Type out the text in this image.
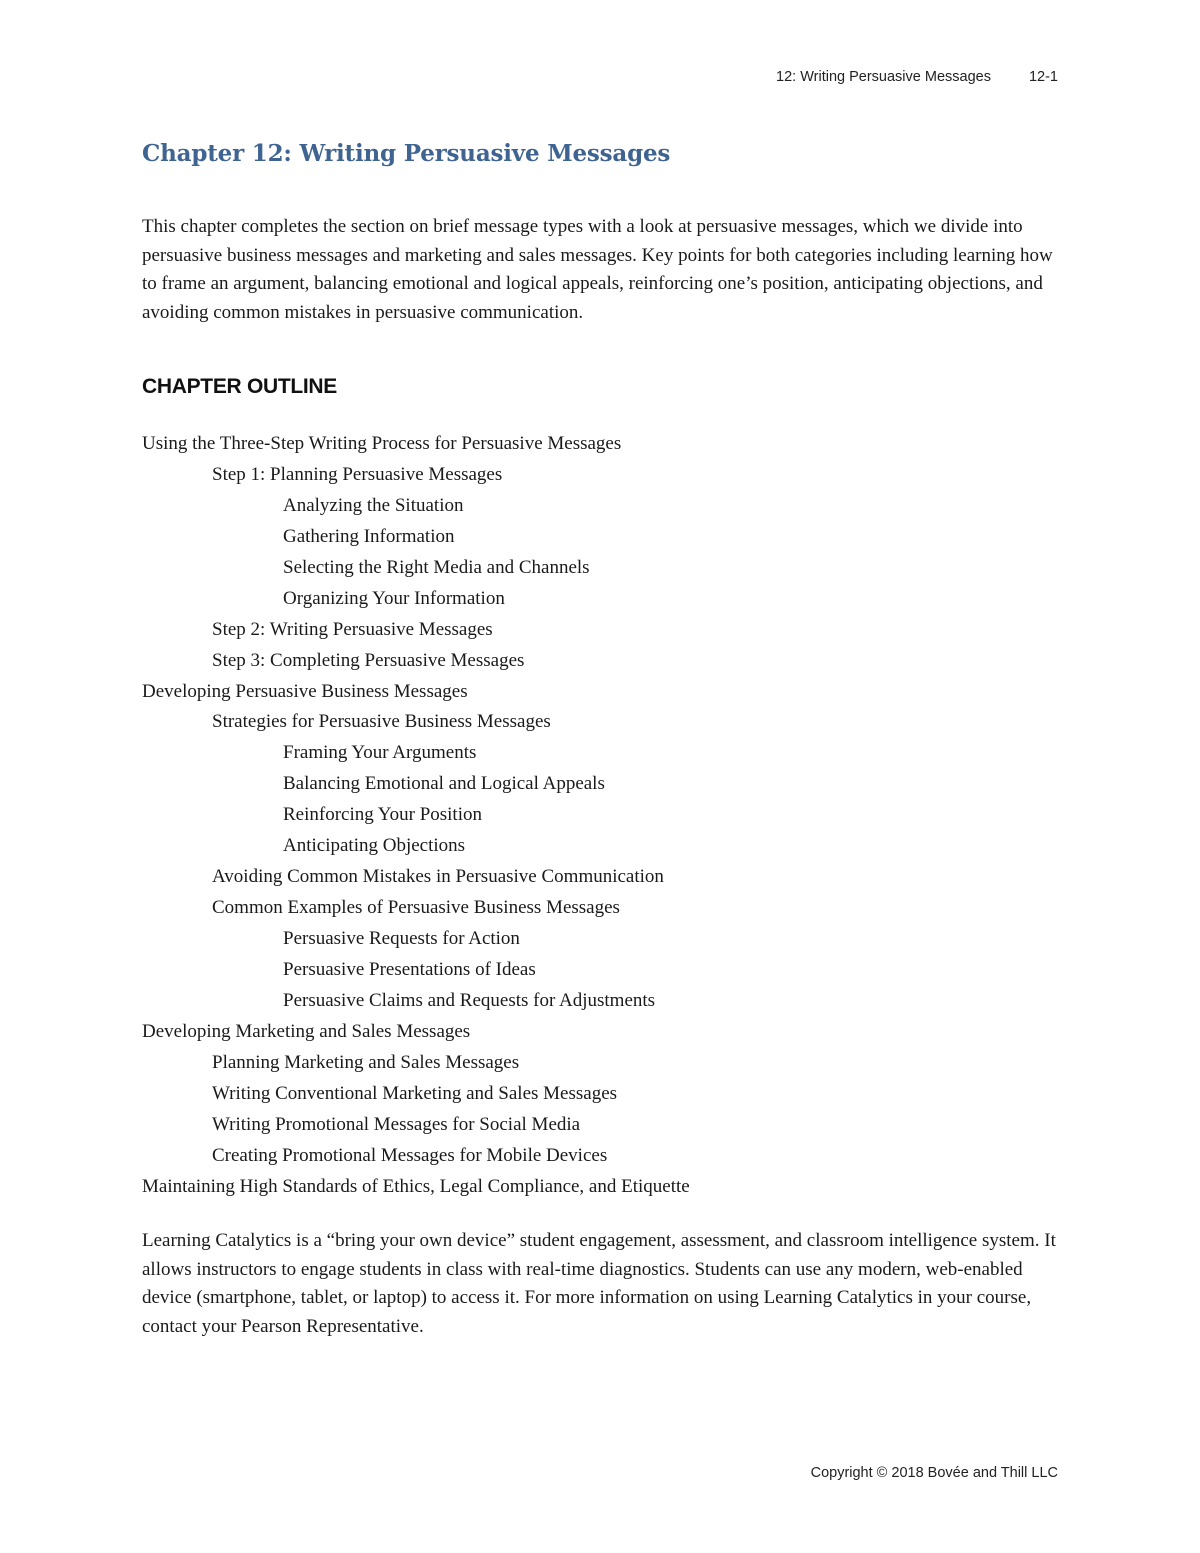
12: Writing Persuasive Messages	12-1
Chapter 12: Writing Persuasive Messages

This chapter completes the section on brief message types with a look at persuasive messages, which we divide into persuasive business messages and marketing and sales messages. Key points for both categories including learning how to frame an argument, balancing emotional and logical appeals, reinforcing one’s position, anticipating objections, and avoiding common mistakes in persuasive communication.

CHAPTER OUTLINE
Using the Three-Step Writing Process for Persuasive Messages
Step 1: Planning Persuasive Messages
Analyzing the Situation
Gathering Information
Selecting the Right Media and Channels
Organizing Your Information
Step 2: Writing Persuasive Messages
Step 3: Completing Persuasive Messages
Developing Persuasive Business Messages
Strategies for Persuasive Business Messages
Framing Your Arguments
Balancing Emotional and Logical Appeals
Reinforcing Your Position
Anticipating Objections
Avoiding Common Mistakes in Persuasive Communication
Common Examples of Persuasive Business Messages
Persuasive Requests for Action
Persuasive Presentations of Ideas
Persuasive Claims and Requests for Adjustments
Developing Marketing and Sales Messages
Planning Marketing and Sales Messages
Writing Conventional Marketing and Sales Messages
Writing Promotional Messages for Social Media
Creating Promotional Messages for Mobile Devices
Maintaining High Standards of Ethics, Legal Compliance, and Etiquette

Learning Catalytics is a “bring your own device” student engagement, assessment, and classroom intelligence system. It allows instructors to engage students in class with real-time diagnostics. Students can use any modern, web-enabled device (smartphone, tablet, or laptop) to access it. For more information on using Learning Catalytics in your course, contact your Pearson Representative.

Copyright © 2018 Bovée and Thill LLC
